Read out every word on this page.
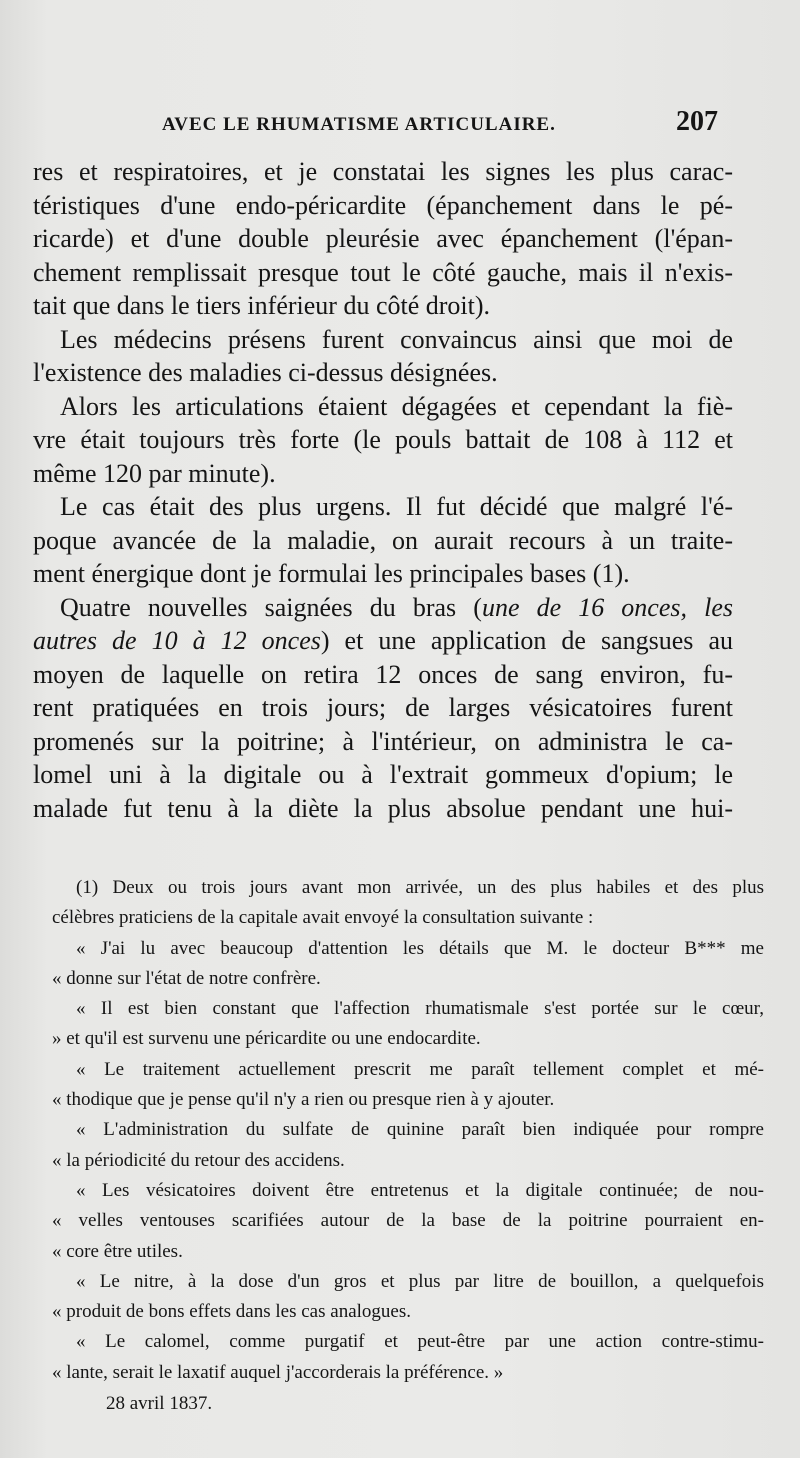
AVEC LE RHUMATISME ARTICULAIRE.	207
res et respiratoires, et je constatai les signes les plus carac-
téristiques d'une endo-péricardite (épanchement dans le pé-
ricarde) et d'une double pleurésie avec épanchement (l'épan-
chement remplissait presque tout le côté gauche, mais il n'exis-
tait que dans le tiers inférieur du côté droit).
Les médecins présens furent convaincus ainsi que moi de
l'existence des maladies ci-dessus désignées.
Alors les articulations étaient dégagées et cependant la fiè-
vre était toujours très forte (le pouls battait de 108 à 112 et
même 120 par minute).
Le cas était des plus urgens. Il fut décidé que malgré l'é-
poque avancée de la maladie, on aurait recours à un traite-
ment énergique dont je formulai les principales bases (1).
Quatre nouvelles saignées du bras (une de 16 onces, les
autres de 10 à 12 onces) et une application de sangsues au
moyen de laquelle on retira 12 onces de sang environ, fu-
rent pratiquées en trois jours; de larges vésicatoires furent
promenés sur la poitrine; à l'intérieur, on administra le ca-
lomel uni à la digitale ou à l'extrait gommeux d'opium; le
malade fut tenu à la diète la plus absolue pendant une hui-
(1) Deux ou trois jours avant mon arrivée, un des plus habiles et des plus
célèbres praticiens de la capitale avait envoyé la consultation suivante :
« J'ai lu avec beaucoup d'attention les détails que M. le docteur B*** me
« donne sur l'état de notre confrère.
« Il est bien constant que l'affection rhumatismale s'est portée sur le cœur,
» et qu'il est survenu une péricardite ou une endocardite.
« Le traitement actuellement prescrit me paraît tellement complet et mé-
« thodique que je pense qu'il n'y a rien ou presque rien à y ajouter.
« L'administration du sulfate de quinine paraît bien indiquée pour rompre
« la périodicité du retour des accidens.
« Les vésicatoires doivent être entretenus et la digitale continuée; de nou-
« velles ventouses scarifiées autour de la base de la poitrine pourraient en-
« core être utiles.
« Le nitre, à la dose d'un gros et plus par litre de bouillon, a quelquefois
« produit de bons effets dans les cas analogues.
« Le calomel, comme purgatif et peut-être par une action contre-stimu-
« lante, serait le laxatif auquel j'accorderais la préférence. »
28 avril 1837.
